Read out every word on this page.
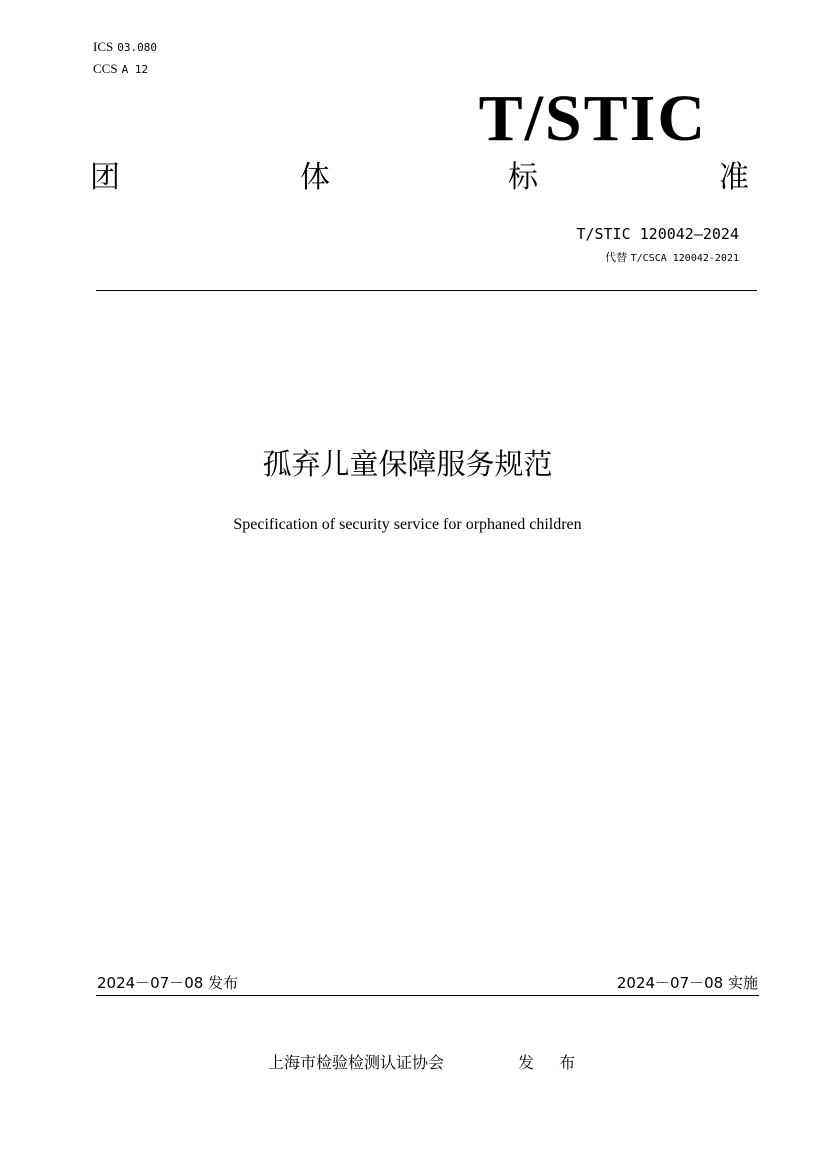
ICS 03.080
CCS A 12
T/STIC
团	体	标	准
T/STIC 120042—2024
代替 T/CSCA 120042-2021
孤弃儿童保障服务规范
Specification of security service for orphaned children
2024－07－08 发布	2024－07－08 实施
上海市检验检测认证协会	发 布
